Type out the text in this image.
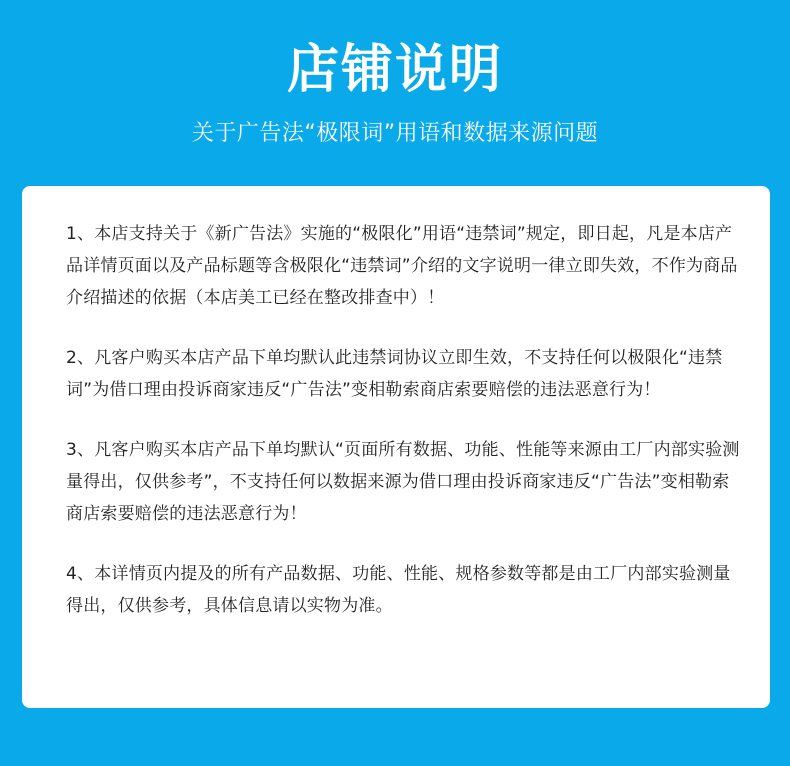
店铺说明
关于广告法“极限词”用语和数据来源问题

1、本店支持关于《新广告法》实施的“极限化”用语“违禁词”规定，即日起，凡是本店产品详情页面以及产品标题等含极限化“违禁词”介绍的文字说明一律立即失效，不作为商品介绍描述的依据（本店美工已经在整改排查中）！

2、凡客户购买本店产品下单均默认此违禁词协议立即生效，不支持任何以极限化“违禁词”为借口理由投诉商家违反“广告法”变相勒索商店索要赔偿的违法恶意行为！

3、凡客户购买本店产品下单均默认“页面所有数据、功能、性能等来源由工厂内部实验测量得出，仅供参考”，不支持任何以数据来源为借口理由投诉商家违反“广告法”变相勒索商店索要赔偿的违法恶意行为！

4、本详情页内提及的所有产品数据、功能、性能、规格参数等都是由工厂内部实验测量得出，仅供参考，具体信息请以实物为准。
